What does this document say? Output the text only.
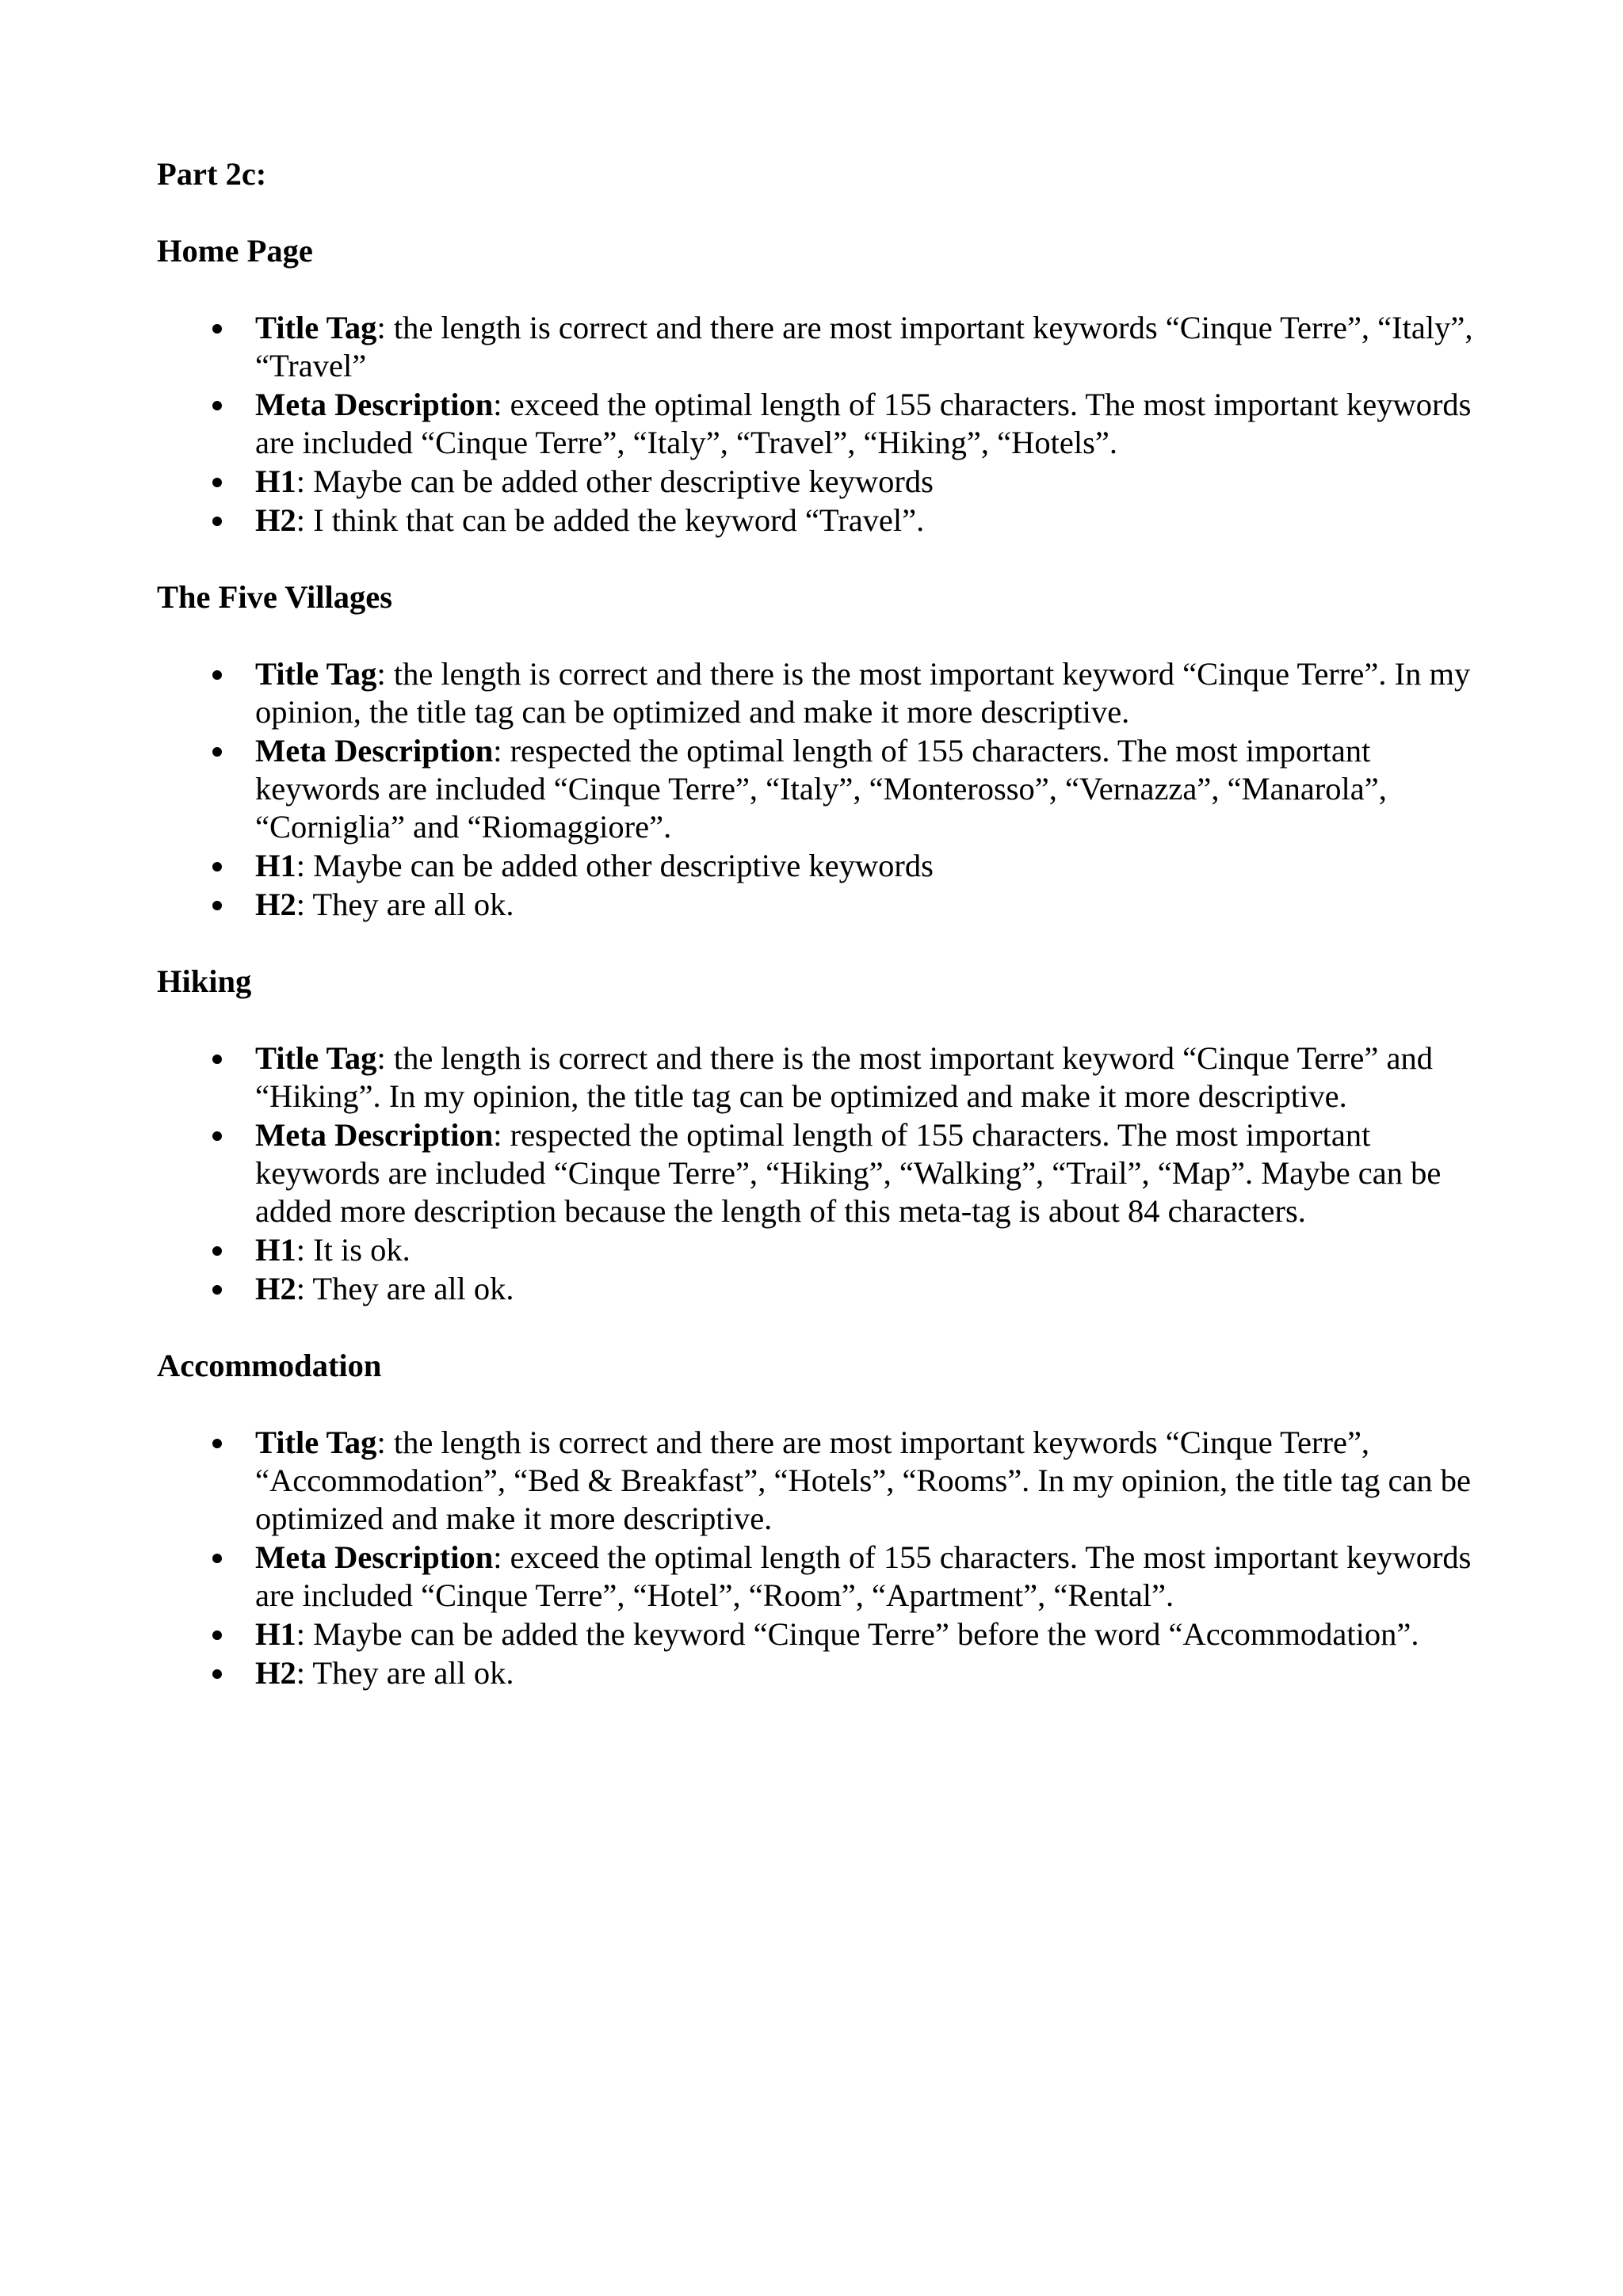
Part 2c:

Home Page

Title Tag: the length is correct and there are most important keywords “Cinque Terre”, “Italy”, “Travel”
Meta Description: exceed the optimal length of 155 characters. The most important keywords are included “Cinque Terre”, “Italy”, “Travel”, “Hiking”, “Hotels”.
H1: Maybe can be added other descriptive keywords
H2: I think that can be added the keyword “Travel”.

The Five Villages

Title Tag: the length is correct and there is the most important keyword “Cinque Terre”. In my opinion, the title tag can be optimized and make it more descriptive.
Meta Description: respected the optimal length of 155 characters. The most important keywords are included “Cinque Terre”, “Italy”, “Monterosso”, “Vernazza”, “Manarola”, “Corniglia” and “Riomaggiore”.
H1: Maybe can be added other descriptive keywords
H2: They are all ok.

Hiking

Title Tag: the length is correct and there is the most important keyword “Cinque Terre” and “Hiking”. In my opinion, the title tag can be optimized and make it more descriptive.
Meta Description: respected the optimal length of 155 characters. The most important keywords are included “Cinque Terre”, “Hiking”, “Walking”, “Trail”, “Map”. Maybe can be added more description because the length of this meta-tag is about 84 characters.
H1: It is ok.
H2: They are all ok.

Accommodation

Title Tag: the length is correct and there are most important keywords “Cinque Terre”, “Accommodation”, “Bed & Breakfast”, “Hotels”, “Rooms”. In my opinion, the title tag can be optimized and make it more descriptive.
Meta Description: exceed the optimal length of 155 characters. The most important keywords are included “Cinque Terre”, “Hotel”, “Room”, “Apartment”, “Rental”.
H1: Maybe can be added the keyword “Cinque Terre” before the word “Accommodation”.
H2: They are all ok.
